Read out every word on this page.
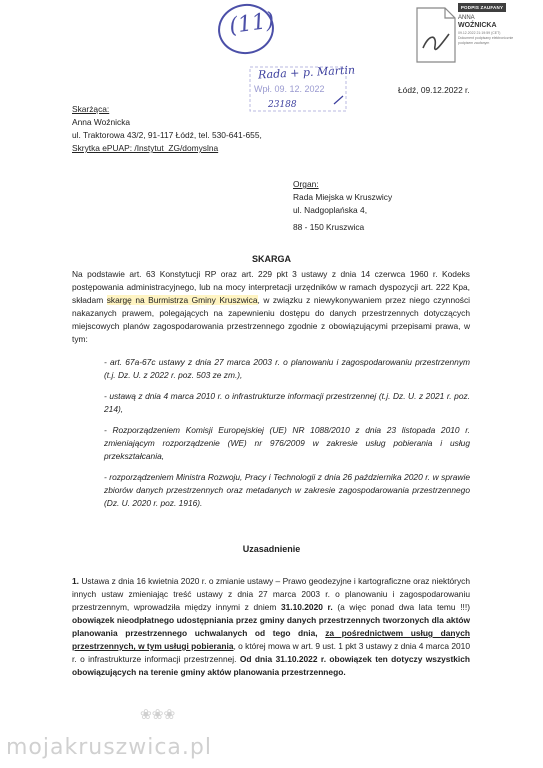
(11)
PODPIS ZAUFANY
ANNA
WOŹNICKA
09.12.2022 21:19:59 (CET)
Dokument podpisany elektronicznie
podpisem zaufanym
Rada + p. Martin
Wpł. 09. 12. 2022
23188
Łódź, 09.12.2022 r.
Skarżąca:
Anna Woźnicka
ul. Traktorowa 43/2, 91-117 Łódź, tel. 530-641-655,
Skrytka ePUAP: /Instytut_ZG/domyslna
Organ:
Rada Miejska w Kruszwicy
ul. Nadgoplańska 4,
88 - 150 Kruszwica
SKARGA
Na podstawie art. 63 Konstytucji RP oraz art. 229 pkt 3 ustawy z dnia 14 czerwca 1960 r. Kodeks postępowania administracyjnego, lub na mocy interpretacji urzędników w ramach dyspozycji art. 222 Kpa, składam skargę na Burmistrza Gminy Kruszwica, w związku z niewykonywaniem przez niego czynności nakazanych prawem, polegających na zapewnieniu dostępu do danych przestrzennych dotyczących miejscowych planów zagospodarowania przestrzennego zgodnie z obowiązującymi przepisami prawa, w tym:
- art. 67a-67c ustawy z dnia 27 marca 2003 r. o planowaniu i zagospodarowaniu przestrzennym (t.j. Dz. U. z 2022 r. poz. 503 ze zm.),
- ustawą z dnia 4 marca 2010 r. o infrastrukturze informacji przestrzennej (t.j. Dz. U. z 2021 r. poz. 214),
- Rozporządzeniem Komisji Europejskiej (UE) NR 1088/2010 z dnia 23 listopada 2010 r. zmieniającym rozporządzenie (WE) nr 976/2009 w zakresie usług pobierania i usług przekształcania,
- rozporządzeniem Ministra Rozwoju, Pracy i Technologii z dnia 26 października 2020 r. w sprawie zbiorów danych przestrzennych oraz metadanych w zakresie zagospodarowania przestrzennego (Dz. U. 2020 r. poz. 1916).
Uzasadnienie
1. Ustawa z dnia 16 kwietnia 2020 r. o zmianie ustawy – Prawo geodezyjne i kartograficzne oraz niektórych innych ustaw zmieniając treść ustawy z dnia 27 marca 2003 r. o planowaniu i zagospodarowaniu przestrzennym, wprowadziła między innymi z dniem 31.10.2020 r. (a więc ponad dwa lata temu !!!) obowiązek nieodpłatnego udostępniania przez gminy danych przestrzennych tworzonych dla aktów planowania przestrzennego uchwalanych od tego dnia, za pośrednictwem usług danych przestrzennych, w tym usługi pobierania, o której mowa w art. 9 ust. 1 pkt 3 ustawy z dnia 4 marca 2010 r. o infrastrukturze informacji przestrzennej. Od dnia 31.10.2022 r. obowiązek ten dotyczy wszystkich obowiązujących na terenie gminy aktów planowania przestrzennego.
❀❀❀
mojakruszwica.pl
